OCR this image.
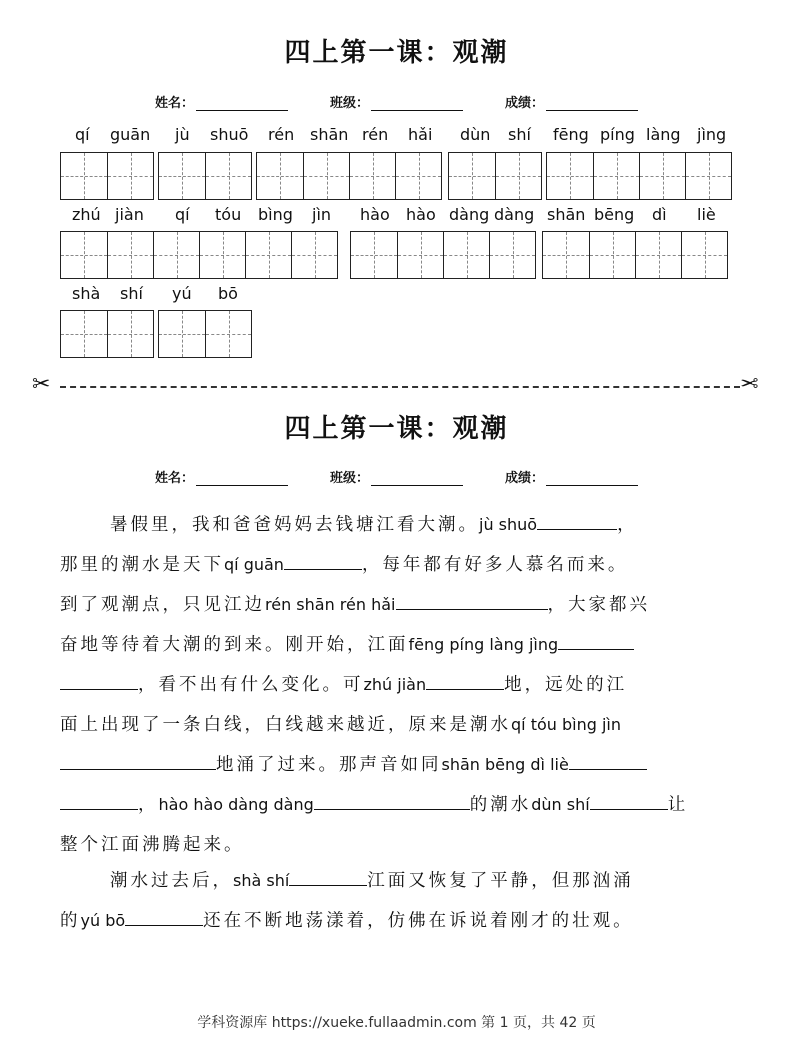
四上第一课：观潮
姓名：	班级：	成绩：
qí guān jù shuō rén shān rén hǎi dùn shí fēng píng làng jìng
zhú jiàn qí tóu bìng jìn hào hào dàng dàng shān bēng dì liè
shà shí yú bō
✂	✂
四上第一课：观潮
姓名：	班级：	成绩：
暑假里，我和爸爸妈妈去钱塘江看大潮。jù shuō	，
那里的潮水是天下qí guān	，每年都有好多人慕名而来。
到了观潮点，只见江边rén shān rén hǎi	，大家都兴
奋地等待着大潮的到来。刚开始，江面fēng píng làng jìng
，看不出有什么变化。可zhú jiàn	地，远处的江
面上出现了一条白线，白线越来越近，原来是潮水qí tóu bìng jìn
地涌了过来。那声音如同shān bēng dì liè
，hào hào dàng dàng	的潮水dùn shí	让
整个江面沸腾起来。
潮水过去后，shà shí	江面又恢复了平静，但那汹涌
的yú bō	还在不断地荡漾着，仿佛在诉说着刚才的壮观。
学科资源库 https://xueke.fullaadmin.com 第 1 页，共 42 页
